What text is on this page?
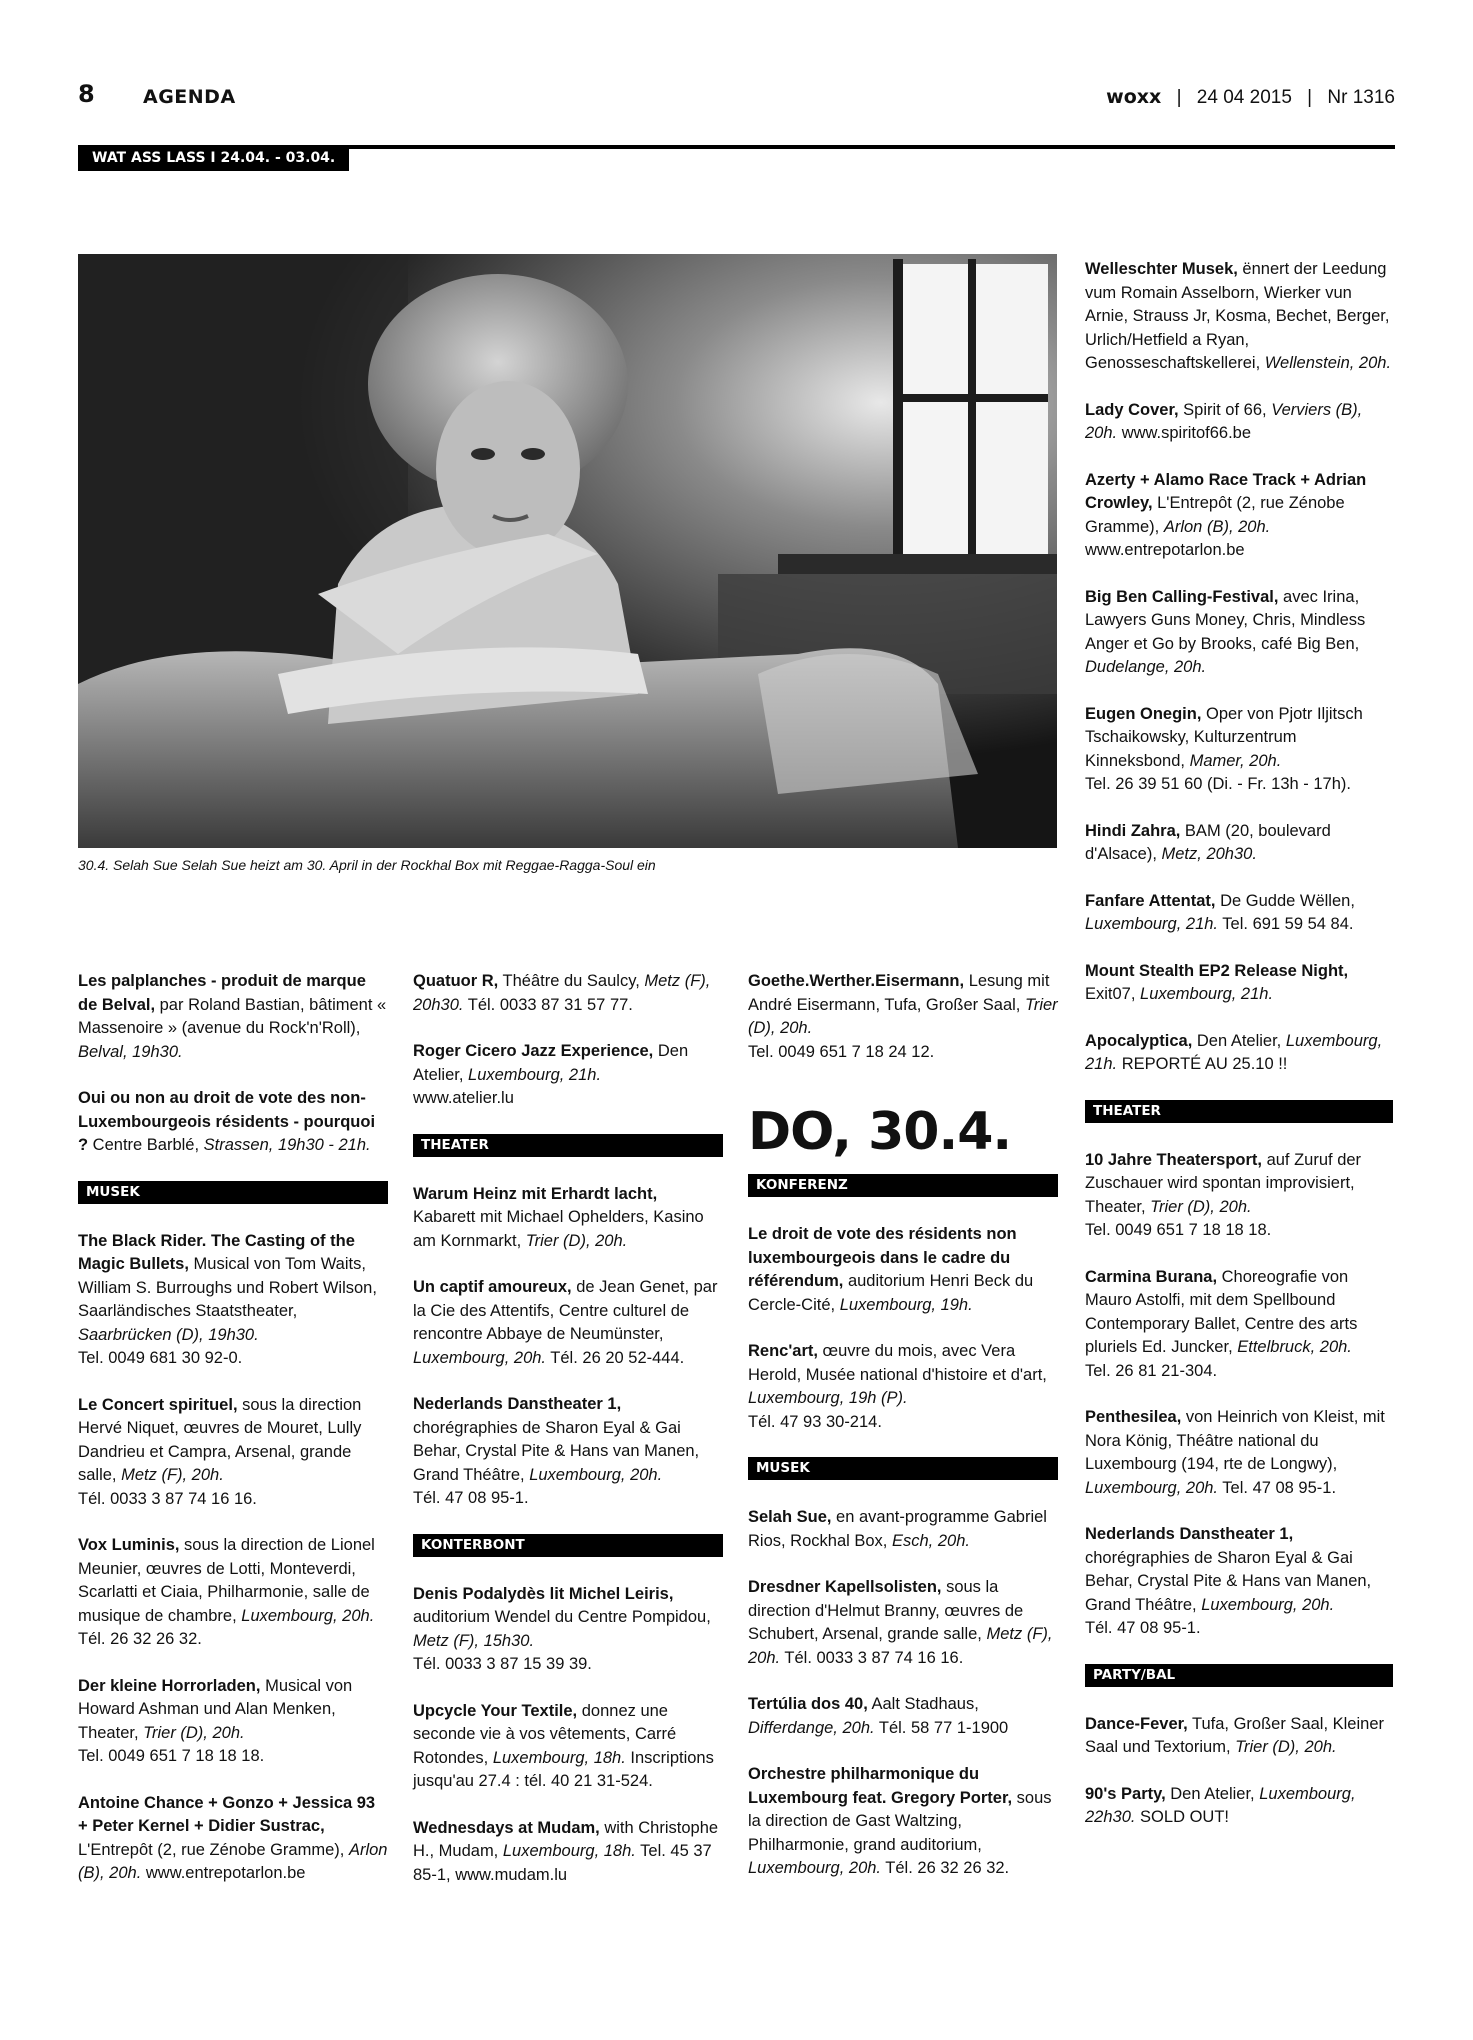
8	AGENDA	woxx | 24 04 2015 | Nr 1316
WAT ASS LASS I 24.04. - 03.04.
30.4. Selah Sue Selah Sue heizt am 30. April in der Rockhal Box mit Reggae-Ragga-Soul ein
Les palplanches - produit de marque de Belval, par Roland Bastian, bâtiment « Massenoire » (avenue du Rock'n'Roll), Belval, 19h30.
Oui ou non au droit de vote des non-Luxembourgeois résidents - pourquoi ? Centre Barblé, Strassen, 19h30 - 21h.
MUSEK
The Black Rider. The Casting of the Magic Bullets, Musical von Tom Waits, William S. Burroughs und Robert Wilson, Saarländisches Staatstheater, Saarbrücken (D), 19h30.
Tel. 0049 681 30 92-0.
Le Concert spirituel, sous la direction Hervé Niquet, œuvres de Mouret, Lully Dandrieu et Campra, Arsenal, grande salle, Metz (F), 20h.
Tél. 0033 3 87 74 16 16.
Vox Luminis, sous la direction de Lionel Meunier, œuvres de Lotti, Monteverdi, Scarlatti et Ciaia, Philharmonie, salle de musique de chambre, Luxembourg, 20h.
Tél. 26 32 26 32.
Der kleine Horrorladen, Musical von Howard Ashman und Alan Menken, Theater, Trier (D), 20h.
Tel. 0049 651 7 18 18 18.
Antoine Chance + Gonzo + Jessica 93 + Peter Kernel + Didier Sustrac, L'Entrepôt (2, rue Zénobe Gramme), Arlon (B), 20h. www.entrepotarlon.be
Quatuor R, Théâtre du Saulcy, Metz (F), 20h30. Tél. 0033 87 31 57 77.
Roger Cicero Jazz Experience, Den Atelier, Luxembourg, 21h.
www.atelier.lu
THEATER
Warum Heinz mit Erhardt lacht, Kabarett mit Michael Ophelders, Kasino am Kornmarkt, Trier (D), 20h.
Un captif amoureux, de Jean Genet, par la Cie des Attentifs, Centre culturel de rencontre Abbaye de Neumünster, Luxembourg, 20h. Tél. 26 20 52-444.
Nederlands Danstheater 1, chorégraphies de Sharon Eyal & Gai Behar, Crystal Pite & Hans van Manen, Grand Théâtre, Luxembourg, 20h.
Tél. 47 08 95-1.
KONTERBONT
Denis Podalydès lit Michel Leiris, auditorium Wendel du Centre Pompidou, Metz (F), 15h30.
Tél. 0033 3 87 15 39 39.
Upcycle Your Textile, donnez une seconde vie à vos vêtements, Carré Rotondes, Luxembourg, 18h. Inscriptions jusqu'au 27.4 : tél. 40 21 31-524.
Wednesdays at Mudam, with Christophe H., Mudam, Luxembourg, 18h. Tel. 45 37 85-1, www.mudam.lu
Goethe.Werther.Eisermann, Lesung mit André Eisermann, Tufa, Großer Saal, Trier (D), 20h.
Tel. 0049 651 7 18 24 12.
DO, 30.4.
KONFERENZ
Le droit de vote des résidents non luxembourgeois dans le cadre du référendum, auditorium Henri Beck du Cercle-Cité, Luxembourg, 19h.
Renc'art, œuvre du mois, avec Vera Herold, Musée national d'histoire et d'art, Luxembourg, 19h (P).
Tél. 47 93 30-214.
MUSEK
Selah Sue, en avant-programme Gabriel Rios, Rockhal Box, Esch, 20h.
Dresdner Kapellsolisten, sous la direction d'Helmut Branny, œuvres de Schubert, Arsenal, grande salle, Metz (F), 20h. Tél. 0033 3 87 74 16 16.
Tertúlia dos 40, Aalt Stadhaus, Differdange, 20h. Tél. 58 77 1-1900
Orchestre philharmonique du Luxembourg feat. Gregory Porter, sous la direction de Gast Waltzing, Philharmonie, grand auditorium, Luxembourg, 20h. Tél. 26 32 26 32.
Welleschter Musek, ënnert der Leedung vum Romain Asselborn, Wierker vun Arnie, Strauss Jr, Kosma, Bechet, Berger, Urlich/Hetfield a Ryan, Genosseschaftskellerei, Wellenstein, 20h.
Lady Cover, Spirit of 66, Verviers (B), 20h. www.spiritof66.be
Azerty + Alamo Race Track + Adrian Crowley, L'Entrepôt (2, rue Zénobe Gramme), Arlon (B), 20h.
www.entrepotarlon.be
Big Ben Calling-Festival, avec Irina, Lawyers Guns Money, Chris, Mindless Anger et Go by Brooks, café Big Ben, Dudelange, 20h.
Eugen Onegin, Oper von Pjotr Iljitsch Tschaikowsky, Kulturzentrum Kinneksbond, Mamer, 20h.
Tel. 26 39 51 60 (Di. - Fr. 13h - 17h).
Hindi Zahra, BAM (20, boulevard d'Alsace), Metz, 20h30.
Fanfare Attentat, De Gudde Wëllen, Luxembourg, 21h. Tel. 691 59 54 84.
Mount Stealth EP2 Release Night, Exit07, Luxembourg, 21h.
Apocalyptica, Den Atelier, Luxembourg, 21h. REPORTÉ AU 25.10 !!
THEATER
10 Jahre Theatersport, auf Zuruf der Zuschauer wird spontan improvisiert, Theater, Trier (D), 20h.
Tel. 0049 651 7 18 18 18.
Carmina Burana, Choreografie von Mauro Astolfi, mit dem Spellbound Contemporary Ballet, Centre des arts pluriels Ed. Juncker, Ettelbruck, 20h.
Tel. 26 81 21-304.
Penthesilea, von Heinrich von Kleist, mit Nora König, Théâtre national du Luxembourg (194, rte de Longwy), Luxembourg, 20h. Tel. 47 08 95-1.
Nederlands Danstheater 1, chorégraphies de Sharon Eyal & Gai Behar, Crystal Pite & Hans van Manen, Grand Théâtre, Luxembourg, 20h.
Tél. 47 08 95-1.
PARTY/BAL
Dance-Fever, Tufa, Großer Saal, Kleiner Saal und Textorium, Trier (D), 20h.
90's Party, Den Atelier, Luxembourg, 22h30. SOLD OUT!
